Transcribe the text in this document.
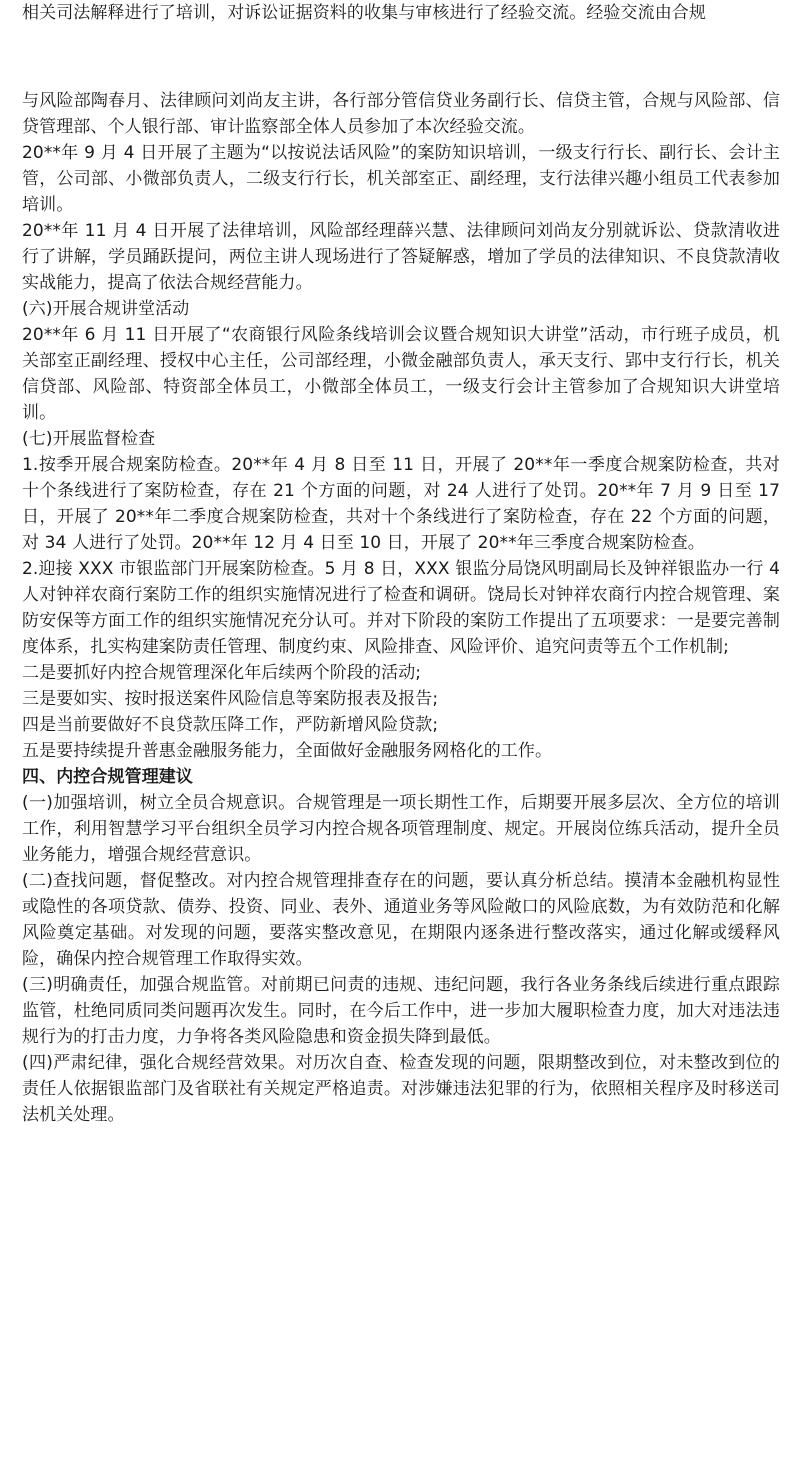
相关司法解释进行了培训，对诉讼证据资料的收集与审核进行了经验交流。经验交流由合规

与风险部陶春月、法律顾问刘尚友主讲，各行部分管信贷业务副行长、信贷主管，合规与风险部、信贷管理部、个人银行部、审计监察部全体人员参加了本次经验交流。

20**年 9 月 4 日开展了主题为“以按说法话风险”的案防知识培训，一级支行行长、副行长、会计主管，公司部、小微部负责人，二级支行行长，机关部室正、副经理，支行法律兴趣小组员工代表参加培训。

20**年 11 月 4 日开展了法律培训，风险部经理薛兴慧、法律顾问刘尚友分别就诉讼、贷款清收进行了讲解，学员踊跃提问，两位主讲人现场进行了答疑解惑，增加了学员的法律知识、不良贷款清收实战能力，提高了依法合规经营能力。

(六)开展合规讲堂活动

20**年 6 月 11 日开展了“农商银行风险条线培训会议暨合规知识大讲堂”活动，市行班子成员，机关部室正副经理、授权中心主任，公司部经理，小微金融部负责人，承天支行、郢中支行行长，机关信贷部、风险部、特资部全体员工，小微部全体员工，一级支行会计主管参加了合规知识大讲堂培训。

(七)开展监督检查

1.按季开展合规案防检查。20**年 4 月 8 日至 11 日，开展了 20**年一季度合规案防检查，共对十个条线进行了案防检查，存在 21 个方面的问题，对 24 人进行了处罚。20**年 7 月 9 日至 17 日，开展了 20**年二季度合规案防检查，共对十个条线进行了案防检查，存在 22 个方面的问题，对 34 人进行了处罚。20**年 12 月 4 日至 10 日，开展了 20**年三季度合规案防检查。

2.迎接 XXX 市银监部门开展案防检查。5 月 8 日，XXX 银监分局饶风明副局长及钟祥银监办一行 4 人对钟祥农商行案防工作的组织实施情况进行了检查和调研。饶局长对钟祥农商行内控合规管理、案防安保等方面工作的组织实施情况充分认可。并对下阶段的案防工作提出了五项要求：一是要完善制度体系，扎实构建案防责任管理、制度约束、风险排查、风险评价、追究问责等五个工作机制;

二是要抓好内控合规管理深化年后续两个阶段的活动;

三是要如实、按时报送案件风险信息等案防报表及报告;

四是当前要做好不良贷款压降工作，严防新增风险贷款;

五是要持续提升普惠金融服务能力，全面做好金融服务网格化的工作。

四、内控合规管理建议

(一)加强培训，树立全员合规意识。合规管理是一项长期性工作，后期要开展多层次、全方位的培训工作，利用智慧学习平台组织全员学习内控合规各项管理制度、规定。开展岗位练兵活动，提升全员业务能力，增强合规经营意识。

(二)查找问题，督促整改。对内控合规管理排查存在的问题，要认真分析总结。摸清本金融机构显性或隐性的各项贷款、债券、投资、同业、表外、通道业务等风险敞口的风险底数，为有效防范和化解风险奠定基础。对发现的问题，要落实整改意见，在期限内逐条进行整改落实，通过化解或缓释风险，确保内控合规管理工作取得实效。

(三)明确责任，加强合规监管。对前期已问责的违规、违纪问题，我行各业务条线后续进行重点跟踪监管，杜绝同质同类问题再次发生。同时，在今后工作中，进一步加大履职检查力度，加大对违法违规行为的打击力度，力争将各类风险隐患和资金损失降到最低。

(四)严肃纪律，强化合规经营效果。对历次自查、检查发现的问题，限期整改到位，对未整改到位的责任人依据银监部门及省联社有关规定严格追责。对涉嫌违法犯罪的行为，依照相关程序及时移送司法机关处理。
